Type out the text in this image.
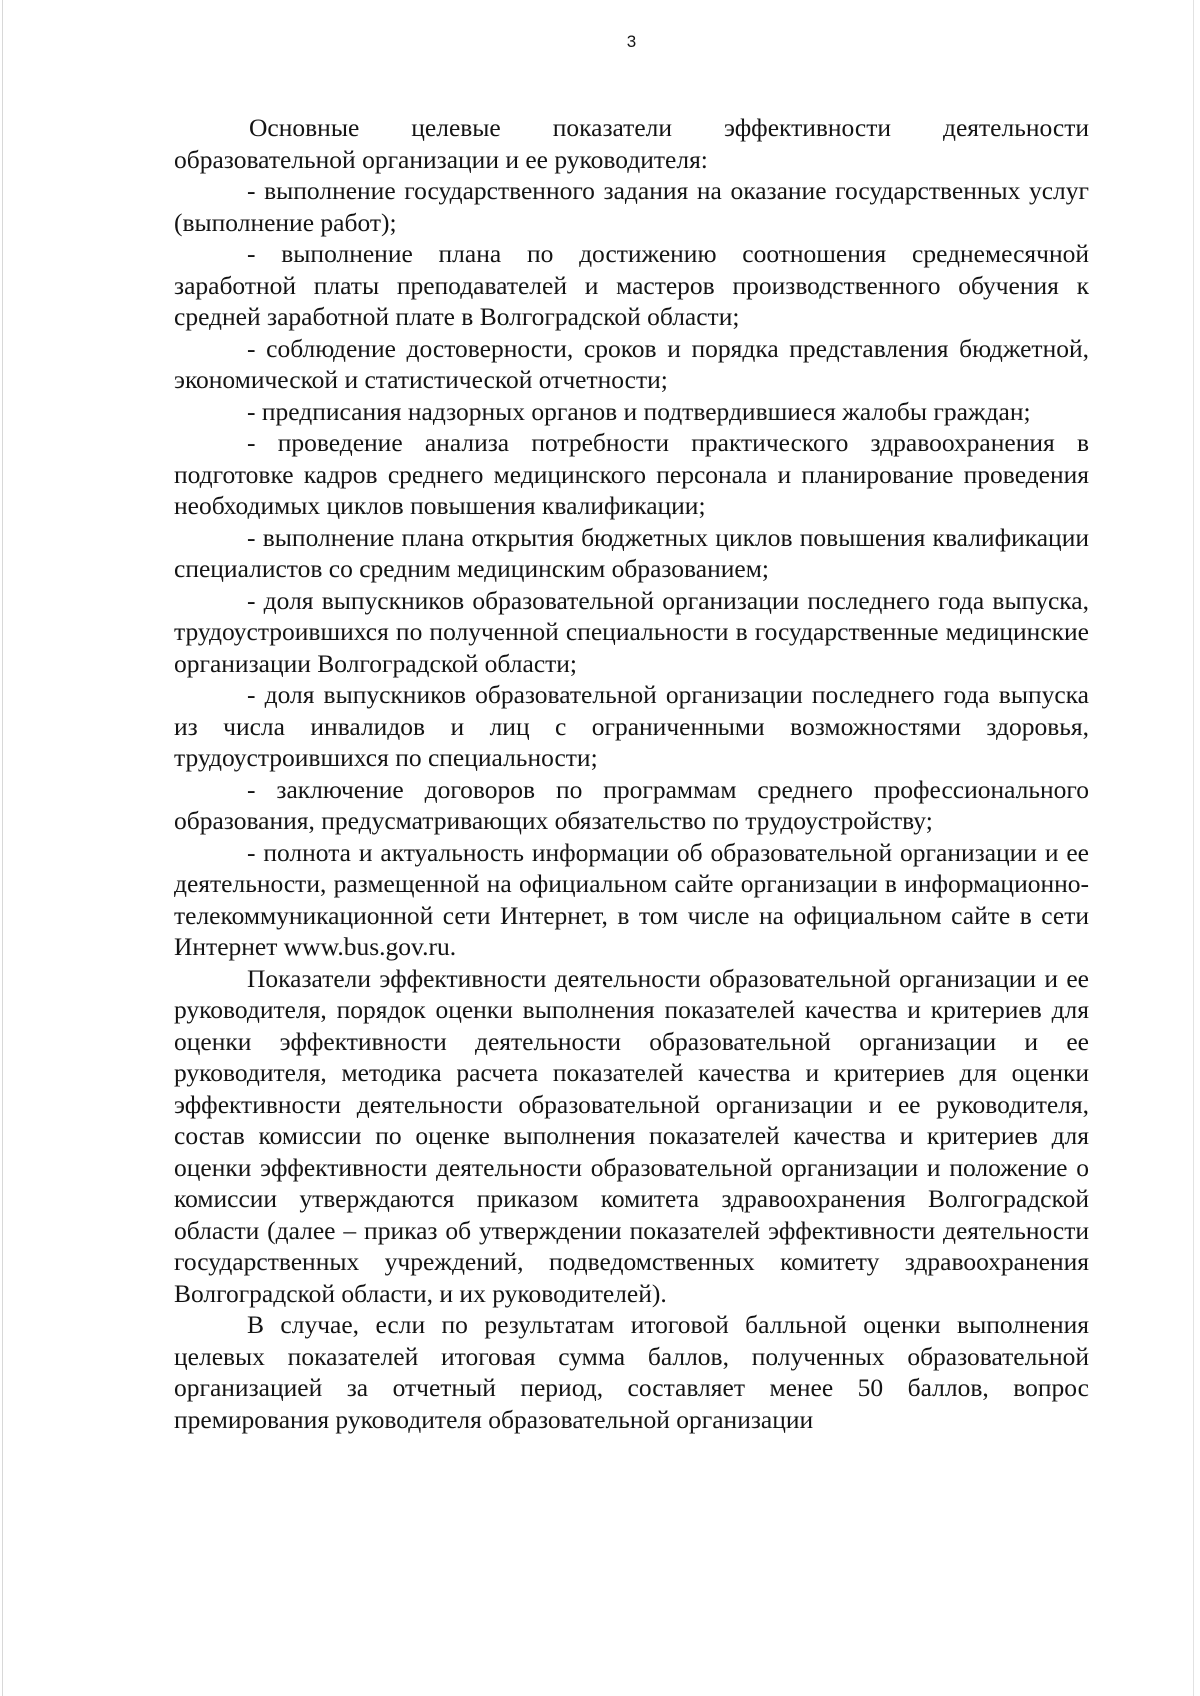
3

Основные целевые показатели эффективности деятельности образовательной организации и ее руководителя:

- выполнение государственного задания на оказание государственных услуг (выполнение работ);

- выполнение плана по достижению соотношения среднемесячной заработной платы преподавателей и мастеров производственного обучения к средней заработной плате в Волгоградской области;

- соблюдение достоверности, сроков и порядка представления бюджетной, экономической и статистической отчетности;

- предписания надзорных органов и подтвердившиеся жалобы граждан;

- проведение анализа потребности практического здравоохранения в подготовке кадров среднего медицинского персонала и планирование проведения необходимых циклов повышения квалификации;

- выполнение плана открытия бюджетных циклов повышения квалификации специалистов со средним медицинским образованием;

- доля выпускников образовательной организации последнего года выпуска, трудоустроившихся по полученной специальности в государственные медицинские организации Волгоградской области;

- доля выпускников образовательной организации последнего года выпуска из числа инвалидов и лиц с ограниченными возможностями здоровья, трудоустроившихся по специальности;

- заключение договоров по программам среднего профессионального образования, предусматривающих обязательство по трудоустройству;

- полнота и актуальность информации об образовательной организации и ее деятельности, размещенной на официальном сайте организации в информационно-телекоммуникационной сети Интернет, в том числе на официальном сайте в сети Интернет www.bus.gov.ru.

Показатели эффективности деятельности образовательной организации и ее руководителя, порядок оценки выполнения показателей качества и критериев для оценки эффективности деятельности образовательной организации и ее руководителя, методика расчета показателей качества и критериев для оценки эффективности деятельности образовательной организации и ее руководителя, состав комиссии по оценке выполнения показателей качества и критериев для оценки эффективности деятельности образовательной организации и положение о комиссии утверждаются приказом комитета здравоохранения Волгоградской области (далее – приказ об утверждении показателей эффективности деятельности государственных учреждений, подведомственных комитету здравоохранения Волгоградской области, и их руководителей).

В случае, если по результатам итоговой балльной оценки выполнения целевых показателей итоговая сумма баллов, полученных образовательной организацией за отчетный период, составляет менее 50 баллов, вопрос премирования руководителя образовательной организации
